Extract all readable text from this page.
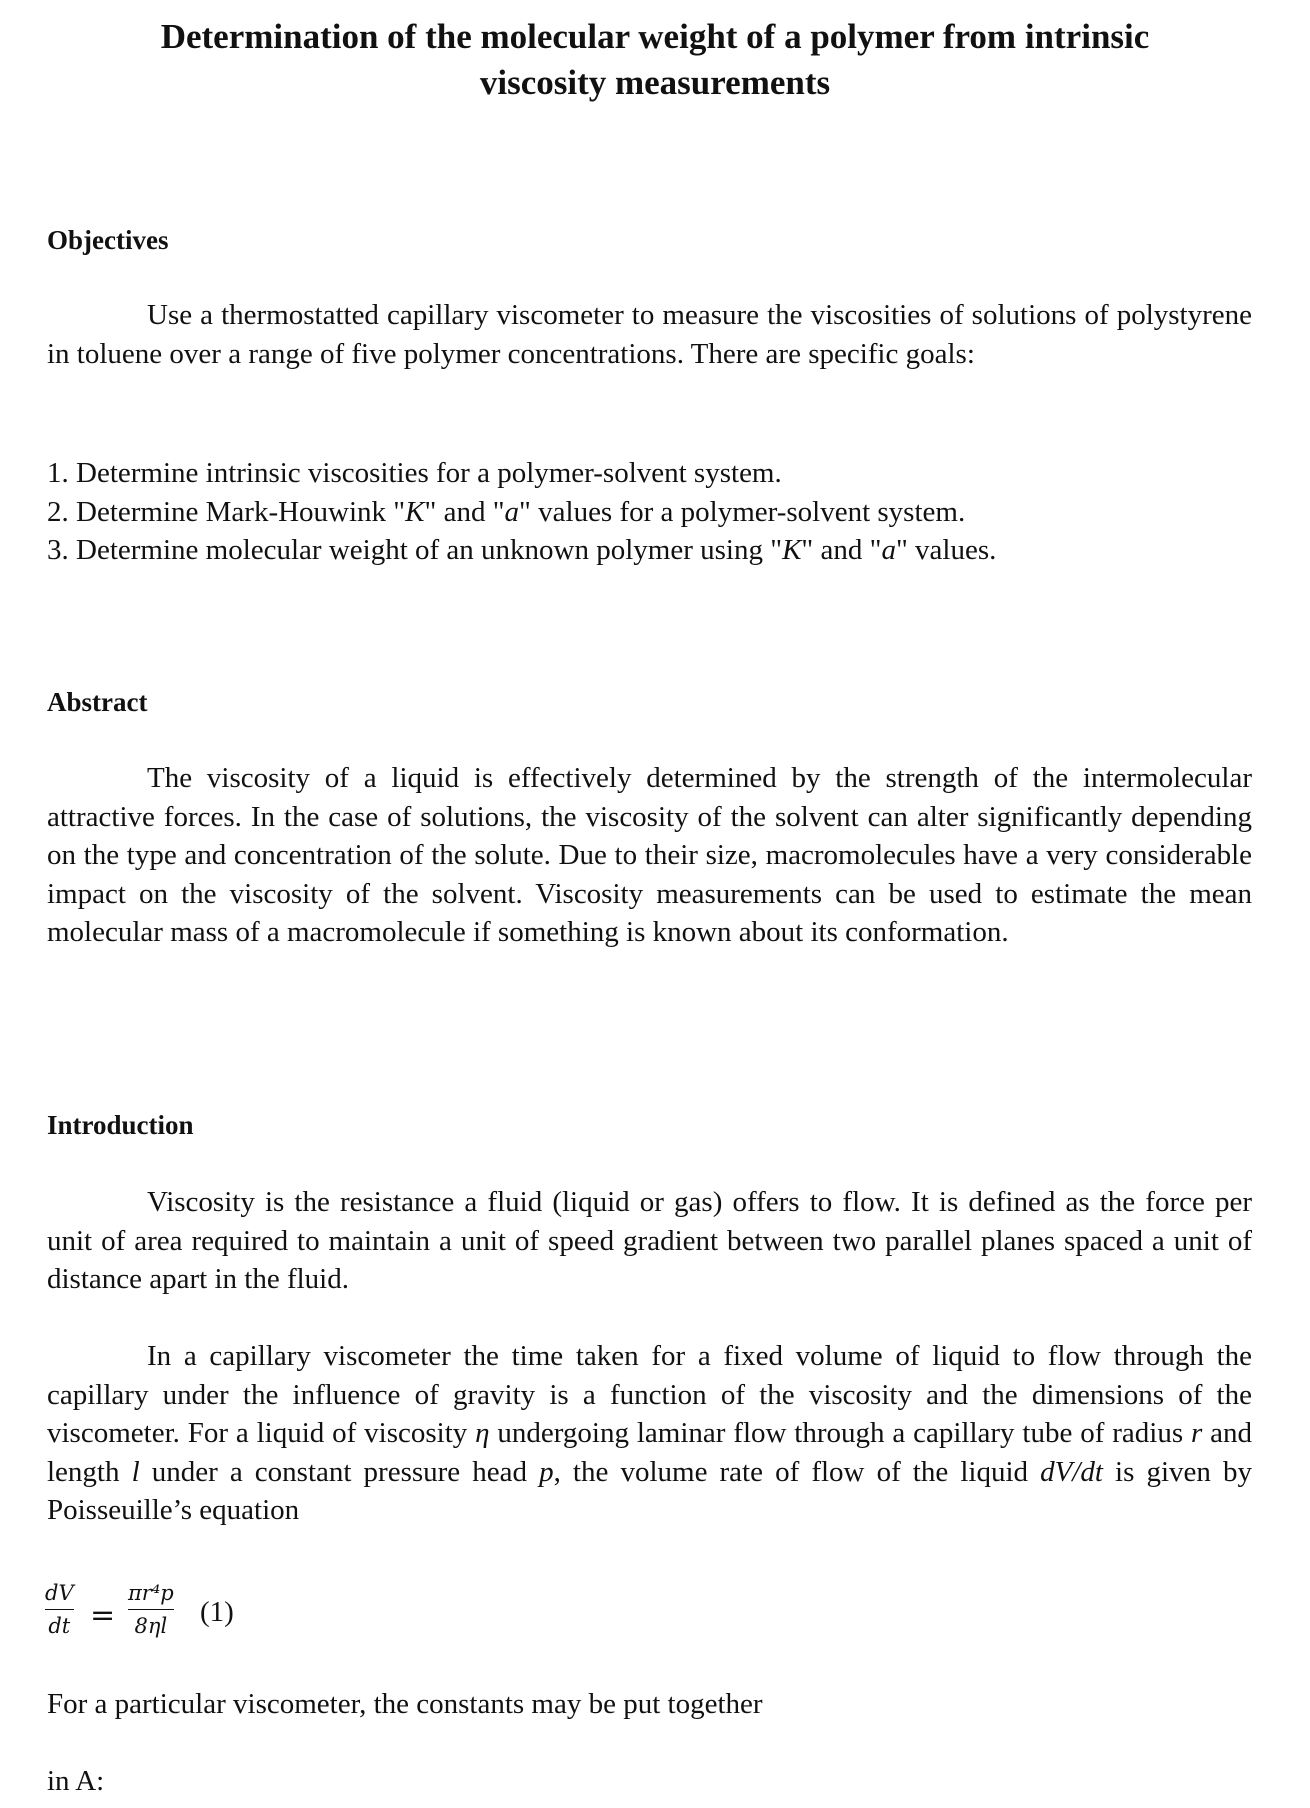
Determination of the molecular weight of a polymer from intrinsic
viscosity measurements
Objectives

Use a thermostatted capillary viscometer to measure the viscosities of solutions of polystyrene in toluene over a range of five polymer concentrations. There are specific goals:

1. Determine intrinsic viscosities for a polymer-solvent system.
2. Determine Mark-Houwink "K" and "a" values for a polymer-solvent system.
3. Determine molecular weight of an unknown polymer using "K" and "a" values.
Abstract

The viscosity of a liquid is effectively determined by the strength of the intermolecular attractive forces. In the case of solutions, the viscosity of the solvent can alter significantly depending on the type and concentration of the solute. Due to their size, macromolecules have a very considerable impact on the viscosity of the solvent. Viscosity measurements can be used to estimate the mean molecular mass of a macromolecule if something is known about its conformation.

Introduction

Viscosity is the resistance a fluid (liquid or gas) offers to flow. It is defined as the force per unit of area required to maintain a unit of speed gradient between two parallel planes spaced a unit of distance apart in the fluid.

In a capillary viscometer the time taken for a fixed volume of liquid to flow through the capillary under the influence of gravity is a function of the viscosity and the dimensions of the viscometer. For a liquid of viscosity η undergoing laminar flow through a capillary tube of radius r and length l under a constant pressure head p, the volume rate of flow of the liquid dV/dt is given by Poisseuille’s equation

dV
dt =
πr⁴p
8ηl (1)

For a particular viscometer, the constants may be put together

in A:
